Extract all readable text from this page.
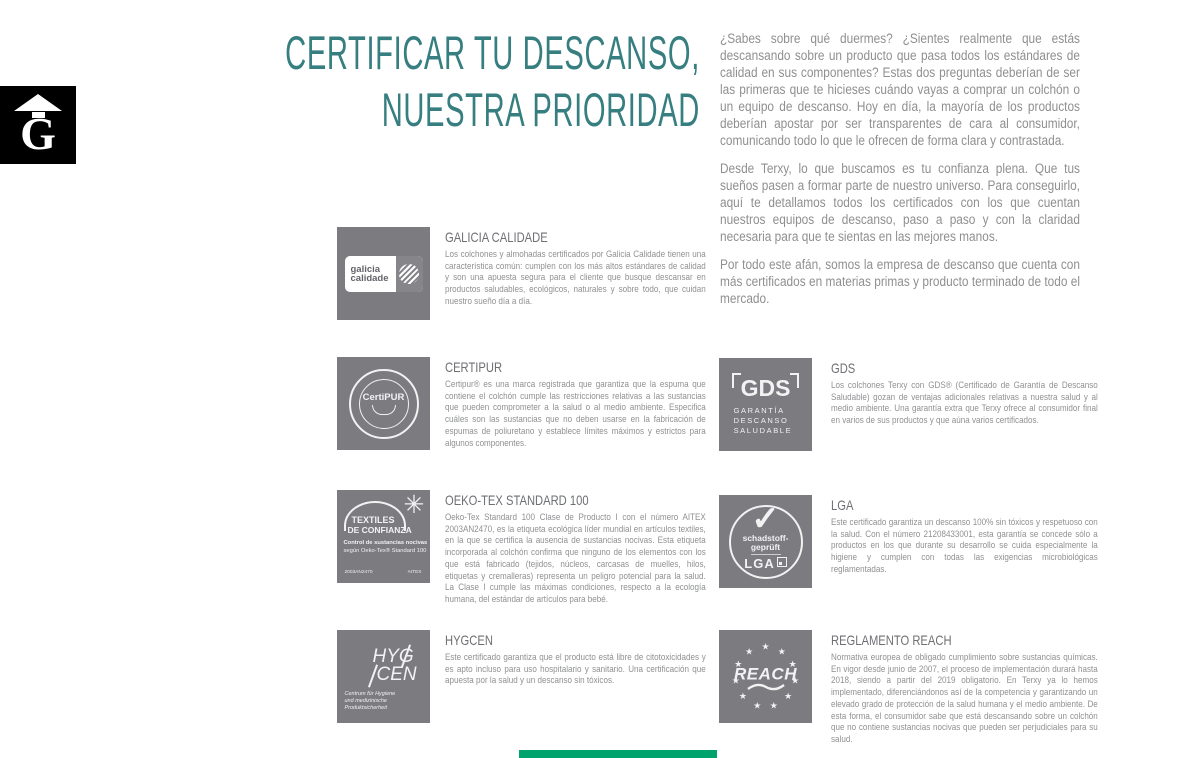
G
CERTIFICAR TU DESCANSO,
NUESTRA PRIORIDAD

¿Sabes sobre qué duermes? ¿Sientes realmente que estás descansando sobre un producto que pasa todos los estándares de calidad en sus componentes? Estas dos preguntas deberían de ser las primeras que te hicieses cuándo vayas a comprar un colchón o un equipo de descanso. Hoy en día, la mayoría de los productos deberían apostar por ser transparentes de cara al consumidor, comunicando todo lo que le ofrecen de forma clara y contrastada.

Desde Terxy, lo que buscamos es tu confianza plena. Que tus sueños pasen a formar parte de nuestro universo. Para conseguirlo, aquí te detallamos todos los certificados con los que cuentan nuestros equipos de descanso, paso a paso y con la claridad necesaria para que te sientas en las mejores manos.

Por todo este afán, somos la empresa de descanso que cuenta con más certificados en materias primas y producto terminado de todo el mercado.

galicia
calidade
GALICIA CALIDADE

Los colchones y almohadas certificados por Galicia Calidade tienen una característica común: cumplen con los más altos estándares de calidad y son una apuesta segura para el cliente que busque descansar en productos saludables, ecológicos, naturales y sobre todo, que cuidan nuestro sueño día a día.

CertiPUR
CERTIPUR

Certipur® es una marca registrada que garantiza que la espuma que contiene el colchón cumple las restricciones relativas a las sustancias que pueden comprometer a la salud o al medio ambiente. Especifica cuáles son las sustancias que no deben usarse en la fabricación de espumas de poliuretano y establece límites máximos y estrictos para algunos componentes.

GDS
GARANTÍA
DESCANSO
SALUDABLE
GDS

Los colchones Terxy con GDS® (Certificado de Garantía de Descanso Saludable) gozan de ventajas adicionales relativas a nuestra salud y al medio ambiente. Una garantía extra que Terxy ofrece al consumidor final en varios de sus productos y que aúna varios certificados.

✳
TEXTILES
DE CONFIANZA
Control de sustancias nocivas
según Oeko-Tex® Standard 100
2003AN2470	AITEX
OEKO-TEX STANDARD 100

Oeko-Tex Standard 100 Clase de Producto I con el número AITEX 2003AN2470, es la etiqueta ecológica líder mundial en artículos textiles, en la que se certifica la ausencia de sustancias nocivas. Esta etiqueta incorporada al colchón confirma que ninguno de los elementos con los que está fabricado (tejidos, núcleos, carcasas de muelles, hilos, etiquetas y cremalleras) representa un peligro potencial para la salud. La Clase I cumple las máximas condiciones, respecto a la ecología humana, del estándar de artículos para bebé.

✓
schadstoff-
geprüft
LGA
LGA

Este certificado garantiza un descanso 100% sin tóxicos y respetuoso con la salud. Con el número 21208433001, esta garantía se concede sólo a productos en los que durante su desarrollo se cuida especialmente la higiene y cumplen con todas las exigencias microbiológicas reglamentadas.

HYG
CEN
Centrum für Hygiene
und medizinische Produktsicherheit
HYGCEN

Este certificado garantiza que el producto está libre de citotoxicidades y es apto incluso para uso hospitalario y sanitario. Una certificación que apuesta por la salud y un descanso sin tóxicos.

★
★
★ ★
★
★
★
★ ★
★
★	REACH
REGLAMENTO REACH

Normativa europea de obligado cumplimiento sobre sustancias químicas. En vigor desde junio de 2007, el proceso de implementación durará hasta 2018, siendo a partir del 2019 obligatorio. En Terxy ya lo hemos implementado, diferenciándonos así de la competencia y garantizando un elevado grado de protección de la salud humana y el medio ambiente. De esta forma, el consumidor sabe que está descansando sobre un colchón que no contiene sustancias nocivas que pueden ser perjudiciales para su salud.
